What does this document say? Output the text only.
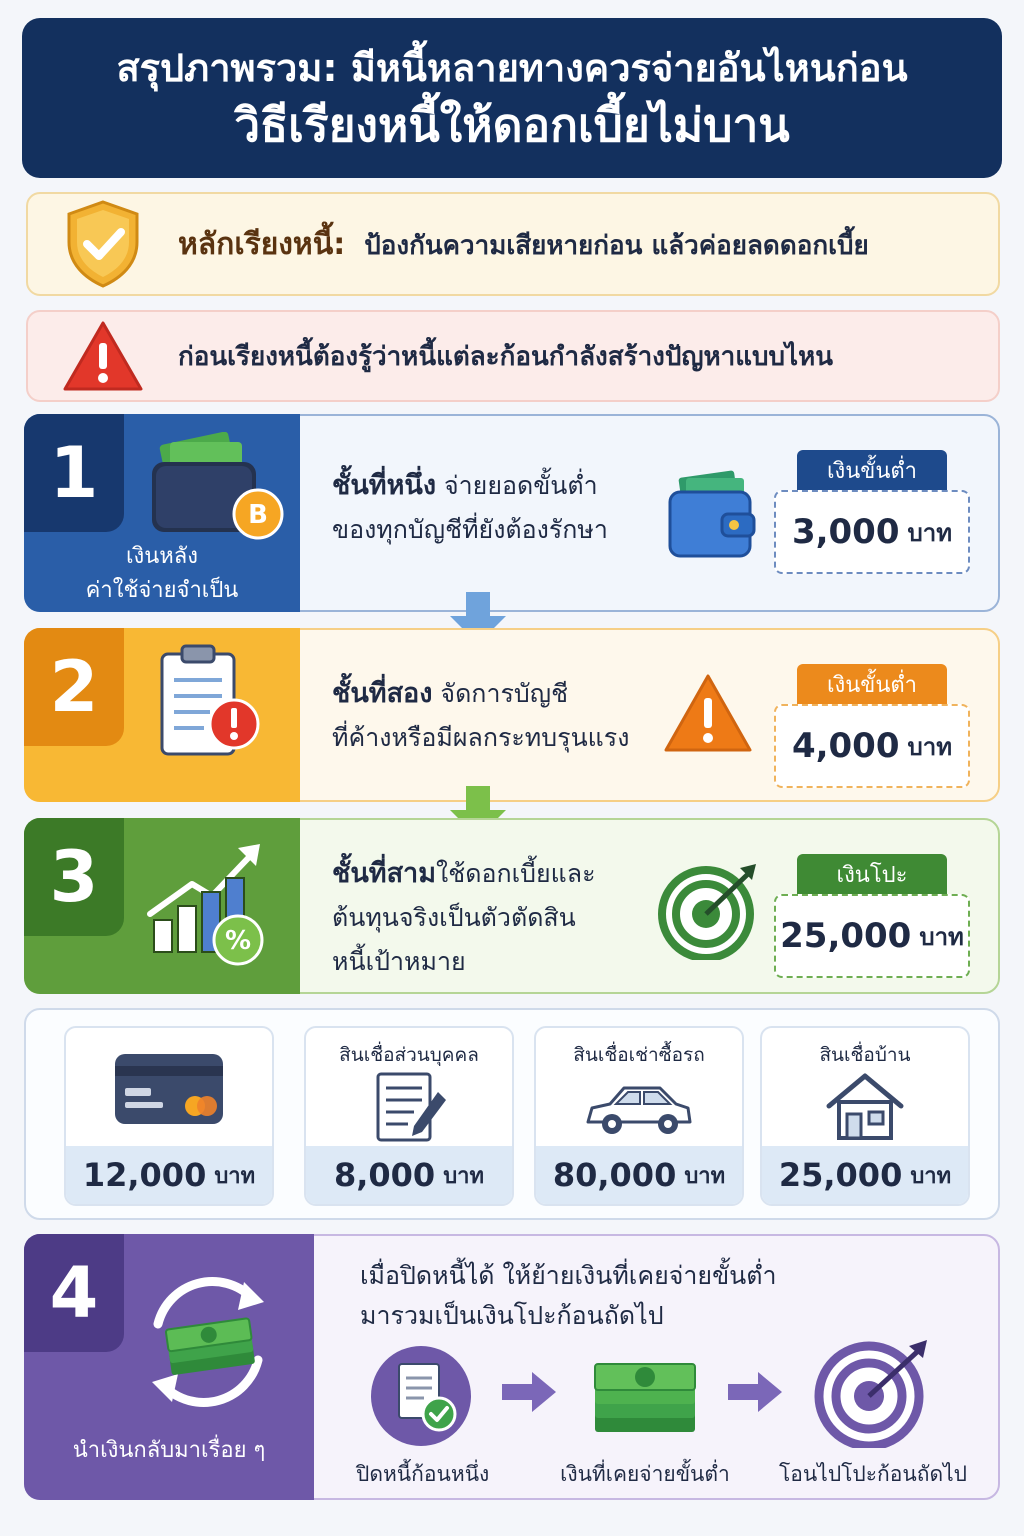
สรุปภาพรวม: มีหนี้หลายทางควรจ่ายอันไหนก่อน
วิธีเรียงหนี้ให้ดอกเบี้ยไม่บาน
หลักเรียงหนี้: ป้องกันความเสียหายก่อน แล้วค่อยลดดอกเบี้ย
ก่อนเรียงหนี้ต้องรู้ว่าหนี้แต่ละก้อนกำลังสร้างปัญหาแบบไหน
1
B
เงินหลัง
ค่าใช้จ่ายจำเป็น
ชั้นที่หนึ่ง จ่ายยอดขั้นต่ำ
ของทุกบัญชีที่ยังต้องรักษา
เงินขั้นต่ำ
3,000 บาท
2	ชั้นที่สอง จัดการบัญชี
ที่ค้างหรือมีผลกระทบรุนแรง
เงินขั้นต่ำ
4,000 บาท
3
%
ชั้นที่สามใช้ดอกเบี้ยและ
ต้นทุนจริงเป็นตัวตัดสิน
หนี้เป้าหมาย
เงินโปะ
25,000 บาท
12,000 บาท
สินเชื่อส่วนบุคคล
8,000 บาท
สินเชื่อเช่าซื้อรถ
80,000 บาท
สินเชื่อบ้าน
25,000 บาท
4
นำเงินกลับมาเรื่อย ๆ
เมื่อปิดหนี้ได้ ให้ย้ายเงินที่เคยจ่ายขั้นต่ำ
มารวมเป็นเงินโปะก้อนถัดไป
ปิดหนี้ก้อนหนึ่ง	เงินที่เคยจ่ายขั้นต่ำ โอนไปโปะก้อนถัดไป
